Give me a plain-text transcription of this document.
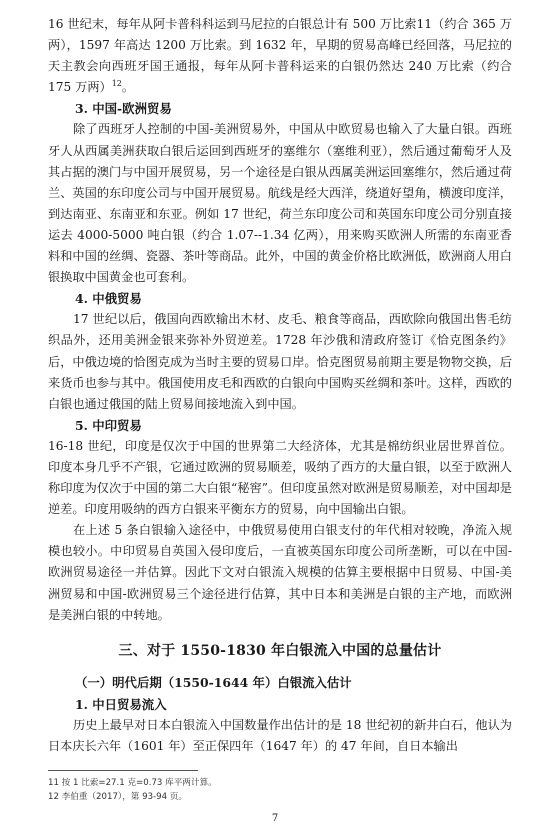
16 世纪末，每年从阿卡普科科运到马尼拉的白银总计有 500 万比索11（约合 365 万两），1597 年高达 1200 万比索。到 1632 年，早期的贸易高峰已经回落，马尼拉的天主教会向西班牙国王通报，每年从阿卡普科运来的白银仍然达 240 万比索（约合 175 万两）$^{12}$。

3. 中国-欧洲贸易

除了西班牙人控制的中国-美洲贸易外，中国从中欧贸易也输入了大量白银。西班牙人从西属美洲获取白银后运回到西班牙的塞维尔（塞维利亚），然后通过葡萄牙人及其占据的澳门与中国开展贸易，另一个途径是白银从西属美洲运回塞维尔，然后通过荷兰、英国的东印度公司与中国开展贸易。航线是经大西洋，绕道好望角，横渡印度洋，到达南亚、东南亚和东亚。例如 17 世纪，荷兰东印度公司和英国东印度公司分别直接运去 4000-5000 吨白银（约合 1.07--1.34 亿两），用来购买欧洲人所需的东南亚香料和中国的丝绸、瓷器、茶叶等商品。此外，中国的黄金价格比欧洲低，欧洲商人用白银换取中国黄金也可套利。

4. 中俄贸易

17 世纪以后，俄国向西欧输出木材、皮毛、粮食等商品，西欧除向俄国出售毛纺织品外，还用美洲金银来弥补外贸逆差。1728 年沙俄和清政府签订《恰克图条约》后，中俄边境的恰图克成为当时主要的贸易口岸。恰克图贸易前期主要是物物交换，后来货币也参与其中。俄国使用皮毛和西欧的白银向中国购买丝绸和茶叶。这样，西欧的白银也通过俄国的陆上贸易间接地流入到中国。

5. 中印贸易

16-18 世纪，印度是仅次于中国的世界第二大经济体，尤其是棉纺织业居世界首位。印度本身几乎不产银，它通过欧洲的贸易顺差，吸纳了西方的大量白银，以至于欧洲人称印度为仅次于中国的第二大白银“秘窖”。但印度虽然对欧洲是贸易顺差，对中国却是逆差。印度用吸纳的西方白银来平衡东方的贸易，向中国输出白银。

在上述 5 条白银输入途径中，中俄贸易使用白银支付的年代相对较晚，净流入规模也较小。中印贸易自英国入侵印度后，一直被英国东印度公司所垄断，可以在中国-欧洲贸易途径一并估算。因此下文对白银流入规模的估算主要根据中日贸易、中国-美洲贸易和中国-欧洲贸易三个途径进行估算，其中日本和美洲是白银的主产地，而欧洲是美洲白银的中转地。

三、对于 1550-1830 年白银流入中国的总量估计
（一）明代后期（1550-1644 年）白银流入估计
1. 中日贸易流入

历史上最早对日本白银流入中国数量作出估计的是 18 世纪初的新井白石，他认为日本庆长六年（1601 年）至正保四年（1647 年）的 47 年间，自日本输出

11 按 1 比索=27.1 克=0.73 库平两计算。
12 李伯重（2017），第 93-94 页。
7
